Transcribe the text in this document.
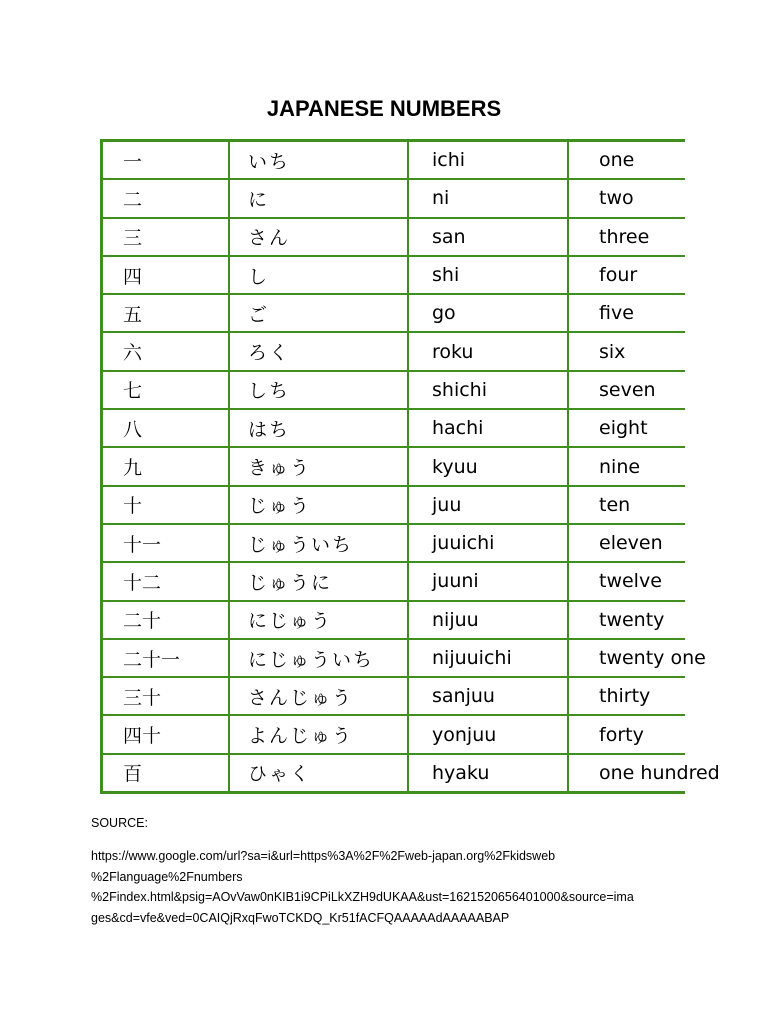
JAPANESE NUMBERS
一	いち	ichi	one
二	に	ni	two
三	さん	san	three
四	し	shi	four
五	ご	go	five
六	ろく	roku	six
七	しち	shichi	seven
八	はち	hachi	eight
九	きゅう	kyuu	nine
十	じゅう	juu	ten
十一	じゅういち	juuichi	eleven
十二	じゅうに	juuni	twelve
二十	にじゅう	nijuu	twenty
二十一	にじゅういち	nijuuichi	twenty one
三十	さんじゅう	sanjuu	thirty
四十	よんじゅう	yonjuu	forty
百	ひゃく	hyaku	one hundred
SOURCE:
https://www.google.com/url?sa=i&url=https%3A%2F%2Fweb-japan.org%2Fkidsweb
%2Flanguage%2Fnumbers
%2Findex.html&psig=AOvVaw0nKIB1i9CPiLkXZH9dUKAA&ust=1621520656401000&source=ima
ges&cd=vfe&ved=0CAIQjRxqFwoTCKDQ_Kr51fACFQAAAAAdAAAAABAP
